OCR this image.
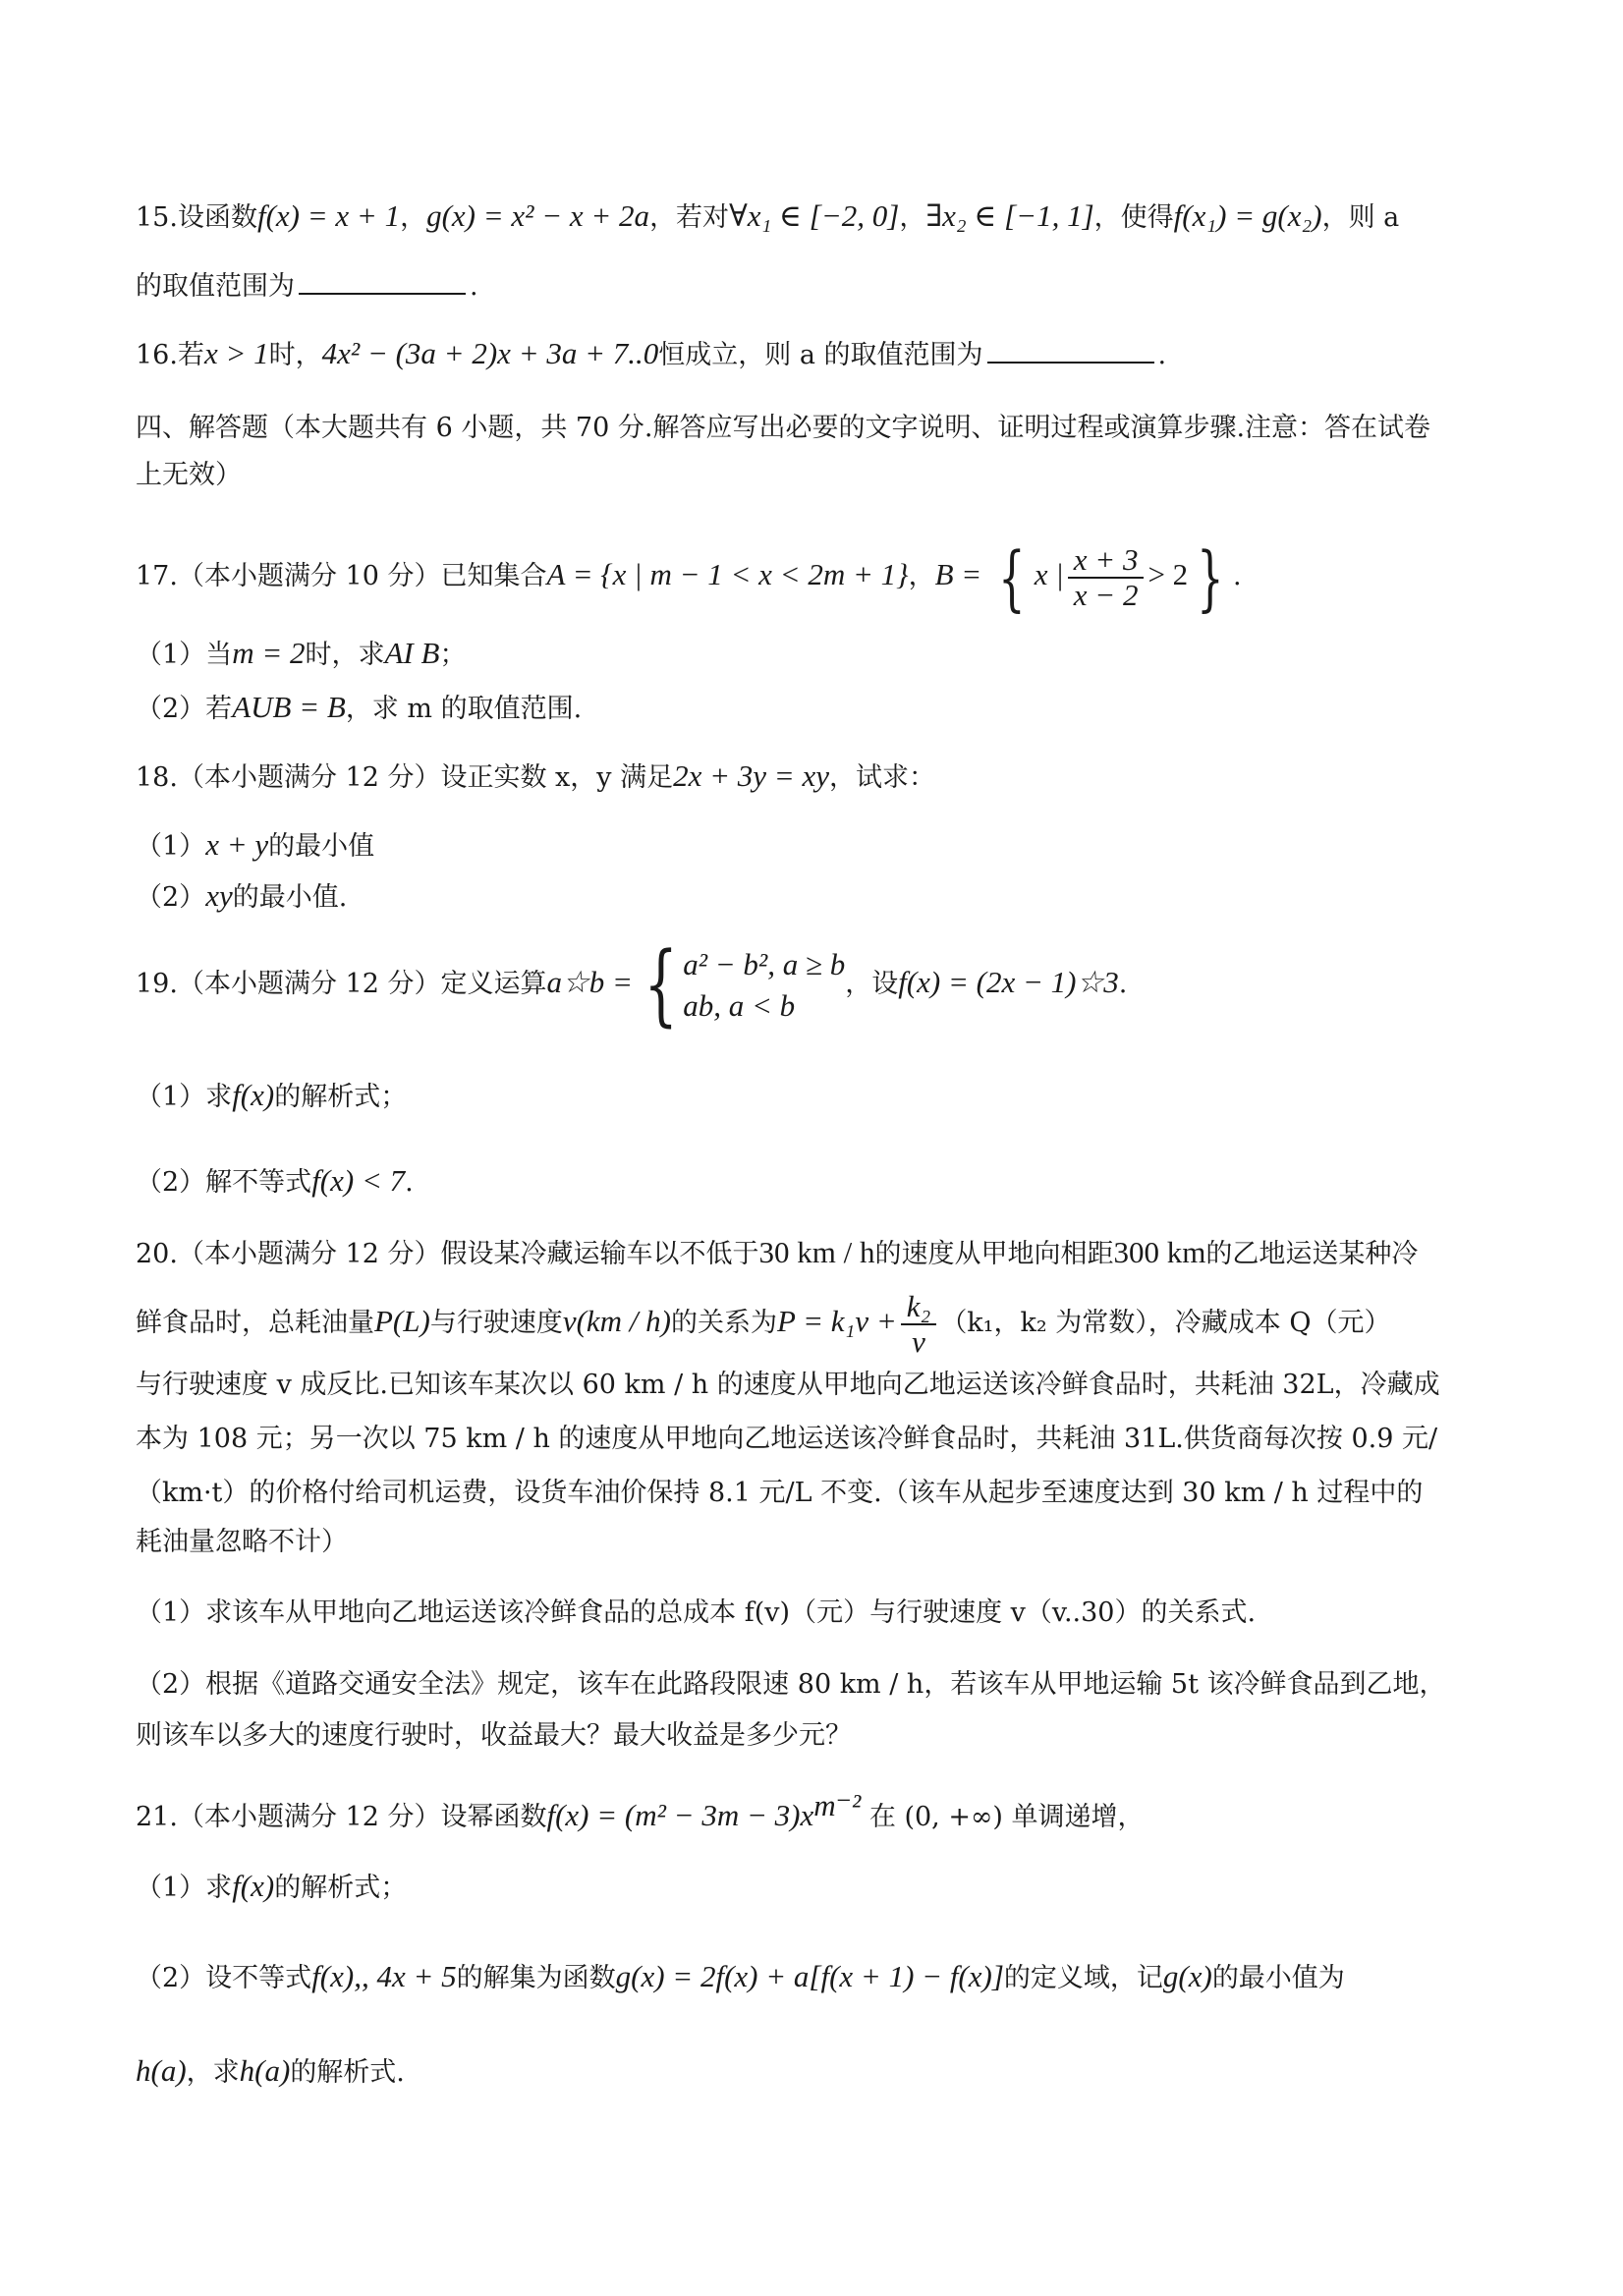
15.设函数f(x) = x + 1，g(x) = x² − x + 2a，若对∀x₁ ∈ [−2, 0]，∃x₂ ∈ [−1, 1]，使得f(x₁) = g(x₂)，则 a
的取值范围为	.
16.若x > 1时，4x² − (3a + 2)x + 3a + 7..0恒成立，则 a 的取值范围为	.
四、解答题（本大题共有 6 小题，共 70 分.解答应写出必要的文字说明、证明过程或演算步骤.注意：答在试卷
上无效）
17.（本小题满分 10 分）已知集合A = {x | m − 1 < x < 2m + 1}，B = { x | $\frac{x + 3}{x - 2} > 2$ } .
（1）当m = 2时，求AI B；
（2）若AUB = B，求 m 的取值范围.
18.（本小题满分 12 分）设正实数 x，y 满足2x + 3y = xy，试求：
（1）x + y的最小值
（2）xy的最小值.
19.（本小题满分 12 分）定义运算a☆b = { a² − b², a ≥ b
ab, a < b
，设f(x) = (2x − 1)☆3.
（1）求f(x)的解析式；
（2）解不等式f(x) < 7.
20.（本小题满分 12 分）假设某冷藏运输车以不低于30 km / h的速度从甲地向相距300 km的乙地运送某种冷
鲜食品时，总耗油量P(L)与行驶速度v(km / h)的关系为$P = k_1v + \frac{\text{k₂}}{v} (k_1$，k₂ 为常数），冷藏成本 Q（元）
与行驶速度 v 成反比.已知该车某次以 60 km / h 的速度从甲地向乙地运送该冷鲜食品时，共耗油 32L，冷藏成
本为 108 元；另一次以 75 km / h 的速度从甲地向乙地运送该冷鲜食品时，共耗油 31L.供货商每次按 0.9 元/
（km·t）的价格付给司机运费，设货车油价保持 8.1 元/L 不变.（该车从起步至速度达到 30 km / h 过程中的
耗油量忽略不计）
（1）求该车从甲地向乙地运送该冷鲜食品的总成本 f(v)（元）与行驶速度 v（v..30）的关系式.
（2）根据《道路交通安全法》规定，该车在此路段限速 80 km / h，若该车从甲地运输 5t 该冷鲜食品到乙地，
则该车以多大的速度行驶时，收益最大？最大收益是多少元？
21.（本小题满分 12 分）设幂函数$f(x) = (m^2 - 3m - 3)x^{m^{-2}}$ 在 (0, +∞) 单调递增，
（1）求f(x)的解析式；
（2）设不等式f(x),, 4x + 5的解集为函数g(x) = 2f(x) + a[f(x + 1) − f(x)]的定义域，记g(x)的最小值为
h(a)，求h(a)的解析式.
